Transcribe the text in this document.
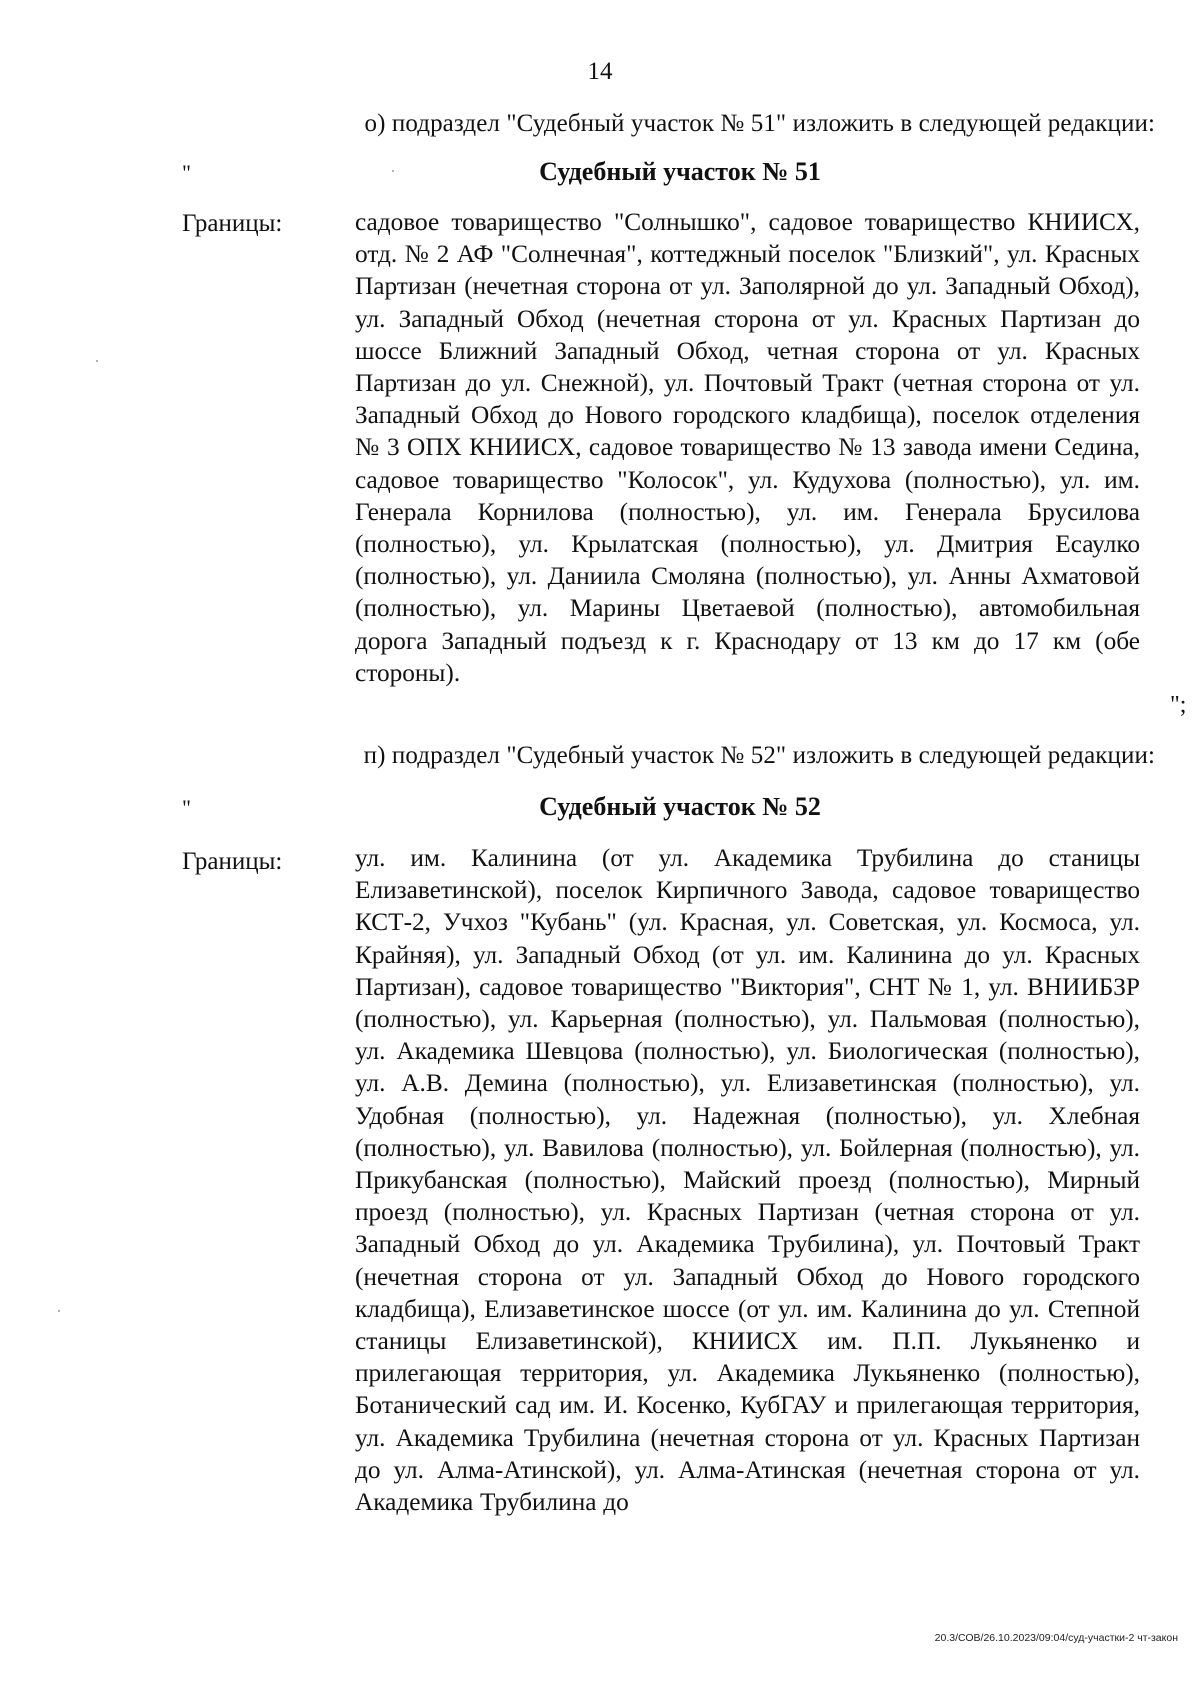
14
о) подраздел "Судебный участок № 51" изложить в следующей редакции:
"	Судебный участок № 51
Границы:	садовое товарищество "Солнышко", садовое товарищество КНИИСХ, отд. № 2 АФ "Солнечная", коттеджный поселок "Близкий", ул. Красных Партизан (нечетная сторона от ул. Заполярной до ул. Западный Обход), ул. Западный Обход (нечетная сторона от ул. Красных Партизан до шоссе Ближний Западный Обход, четная сторона от ул. Красных Партизан до ул. Снежной), ул. Почтовый Тракт (четная сторона от ул. Западный Обход до Нового городского кладбища), поселок отделения № 3 ОПХ КНИИСХ, садовое товарищество № 13 завода имени Седина, садовое товарищество "Колосок", ул. Кудухова (полностью), ул. им. Генерала Корнилова (полностью), ул. им. Генерала Брусилова (полностью), ул. Крылатская (полностью), ул. Дмитрия Есаулко (полностью), ул. Даниила Смоляна (полностью), ул. Анны Ахматовой (полностью), ул. Марины Цветаевой (полностью), автомобильная дорога Западный подъезд к г. Краснодару от 13 км до 17 км (обе стороны).
";
п) подраздел "Судебный участок № 52" изложить в следующей редакции:
"	Судебный участок № 52
Границы:	ул. им. Калинина (от ул. Академика Трубилина до станицы Елизаветинской), поселок Кирпичного Завода, садовое товарищество КСТ-2, Учхоз "Кубань" (ул. Красная, ул. Советская, ул. Космоса, ул. Крайняя), ул. Западный Обход (от ул. им. Калинина до ул. Красных Партизан), садовое товарищество "Виктория", СНТ № 1, ул. ВНИИБЗР (полностью), ул. Карьерная (полностью), ул. Пальмовая (полностью), ул. Академика Шевцова (полностью), ул. Биологическая (полностью), ул. А.В. Демина (полностью), ул. Елизаветинская (полностью), ул. Удобная (полностью), ул. Надежная (полностью), ул. Хлебная (полностью), ул. Вавилова (полностью), ул. Бойлерная (полностью), ул. Прикубанская (полностью), Майский проезд (полностью), Мирный проезд (полностью), ул. Красных Партизан (четная сторона от ул. Западный Обход до ул. Академика Трубилина), ул. Почтовый Тракт (нечетная сторона от ул. Западный Обход до Нового городского кладбища), Елизаветинское шоссе (от ул. им. Калинина до ул. Степной станицы Елизаветинской), КНИИСХ им. П.П. Лукьяненко и прилегающая территория, ул. Академика Лукьяненко (полностью), Ботанический сад им. И. Косенко, КубГАУ и прилегающая территория, ул. Академика Трубилина (нечетная сторона от ул. Красных Партизан до ул. Алма-Атинской), ул. Алма-Атинская (нечетная сторона от ул. Академика Трубилина до
20.3/СОВ/26.10.2023/09:04/суд-участки-2 чт-закон
